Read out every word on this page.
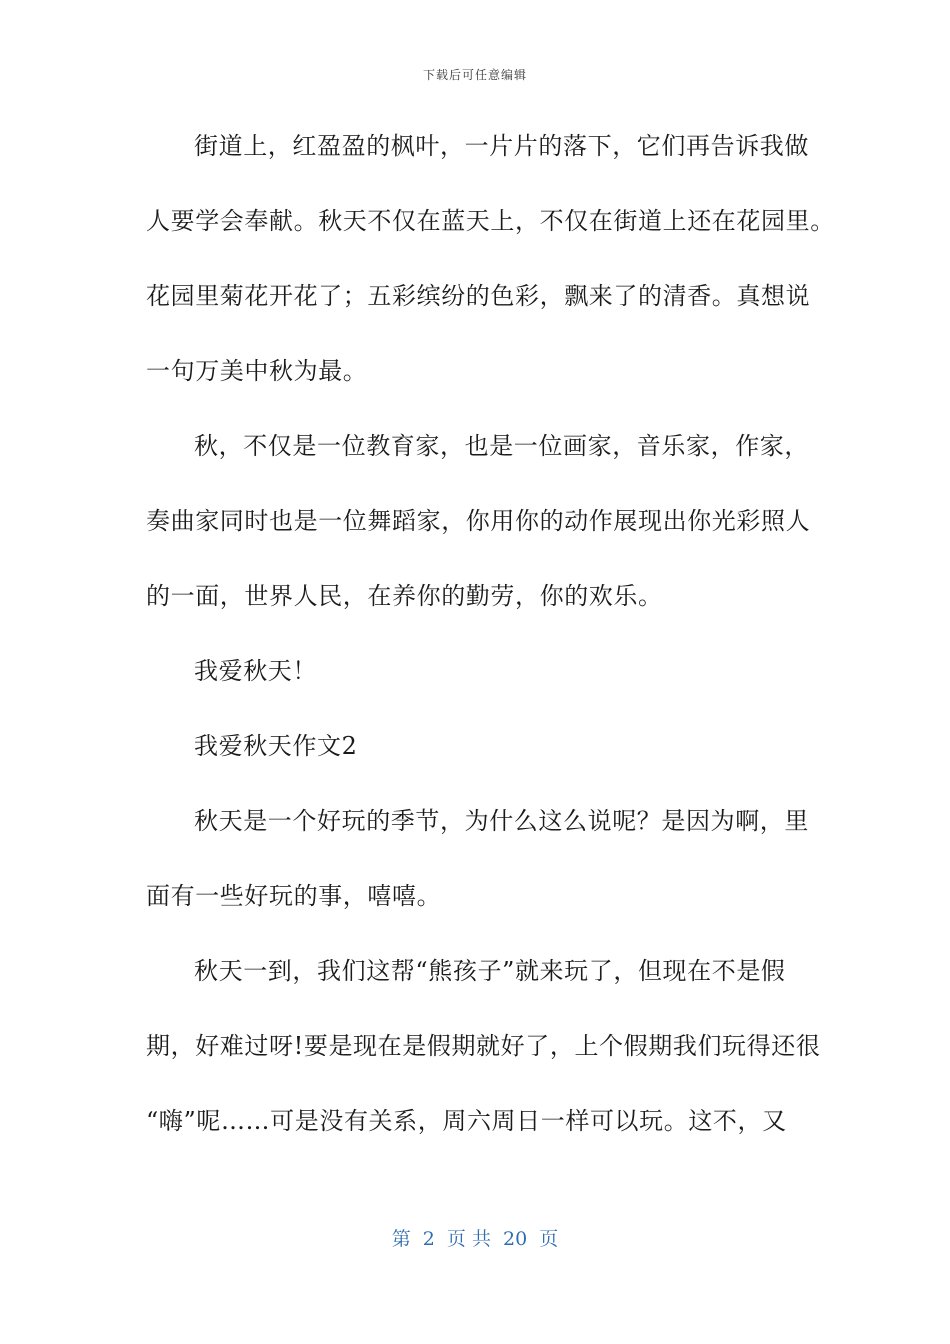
下载后可任意编辑

街道上，红盈盈的枫叶，一片片的落下，它们再告诉我做

人要学会奉献。秋天不仅在蓝天上，不仅在街道上还在花园里。

花园里菊花开花了；五彩缤纷的色彩，飘来了的清香。真想说

一句万美中秋为最。

秋，不仅是一位教育家，也是一位画家，音乐家，作家，

奏曲家同时也是一位舞蹈家，你用你的动作展现出你光彩照人

的一面，世界人民，在养你的勤劳，你的欢乐。

我爱秋天！

我爱秋天作文2

秋天是一个好玩的季节，为什么这么说呢？是因为啊，里

面有一些好玩的事，嘻嘻。

秋天一到，我们这帮“熊孩子”就来玩了，但现在不是假

期，好难过呀!要是现在是假期就好了，上个假期我们玩得还很

“嗨”呢……可是没有关系，周六周日一样可以玩。这不，又

第 2 页 共 20 页
